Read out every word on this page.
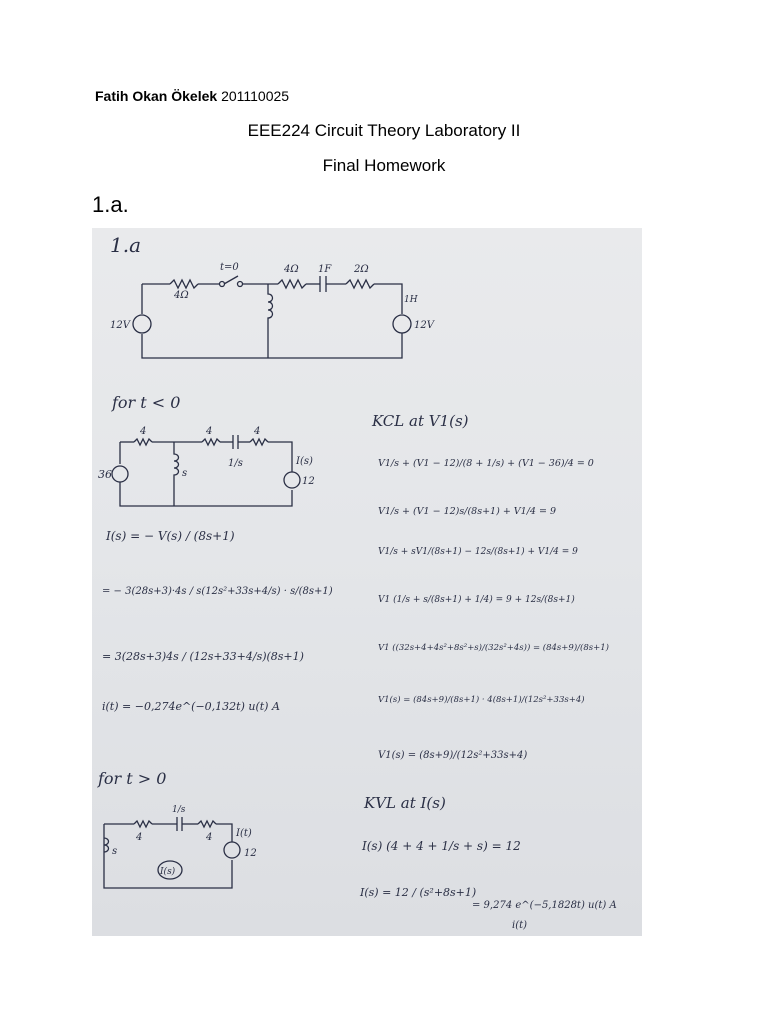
Fatih Okan Ökelek 201110025
EEE224 Circuit Theory Laboratory II
Final Homework
1.a.
1.a
4Ω
t=0	4Ω 1F 2Ω
12V	12V
1H
for t < 0
36	s
4	4	4
1/s	I(s)
12
I(s) = − V(s) / (8s+1)
= − 3(28s+3)·4s / s(12s²+33s+4/s) · s/(8s+1)
= 3(28s+3)4s / (12s+33+4/s)(8s+1)
i(t) = −0,274e^(−0,132t) u(t) A
KCL at V1(s)
V1/s + (V1 − 12)/(8 + 1/s) + (V1 − 36)/4 = 0
V1/s + (V1 − 12)s/(8s+1) + V1/4 = 9
V1/s + sV1/(8s+1) − 12s/(8s+1) + V1/4 = 9
V1 (1/s + s/(8s+1) + 1/4) = 9 + 12s/(8s+1)
V1 ((32s+4+4s²+8s²+s)/(32s²+4s)) = (84s+9)/(8s+1)
V1(s) = (84s+9)/(8s+1) · 4(8s+1)/(12s²+33s+4)
V1(s) = (8s+9)/(12s²+33s+4)
for t > 0
4
1/s
4
s
I(t)
12
I(s)
KVL at I(s)
I(s) (4 + 4 + 1/s + s) = 12
I(s) = 12 / (s²+8s+1)
= 9,274 e^(−5,1828t) u(t) A
i(t)
